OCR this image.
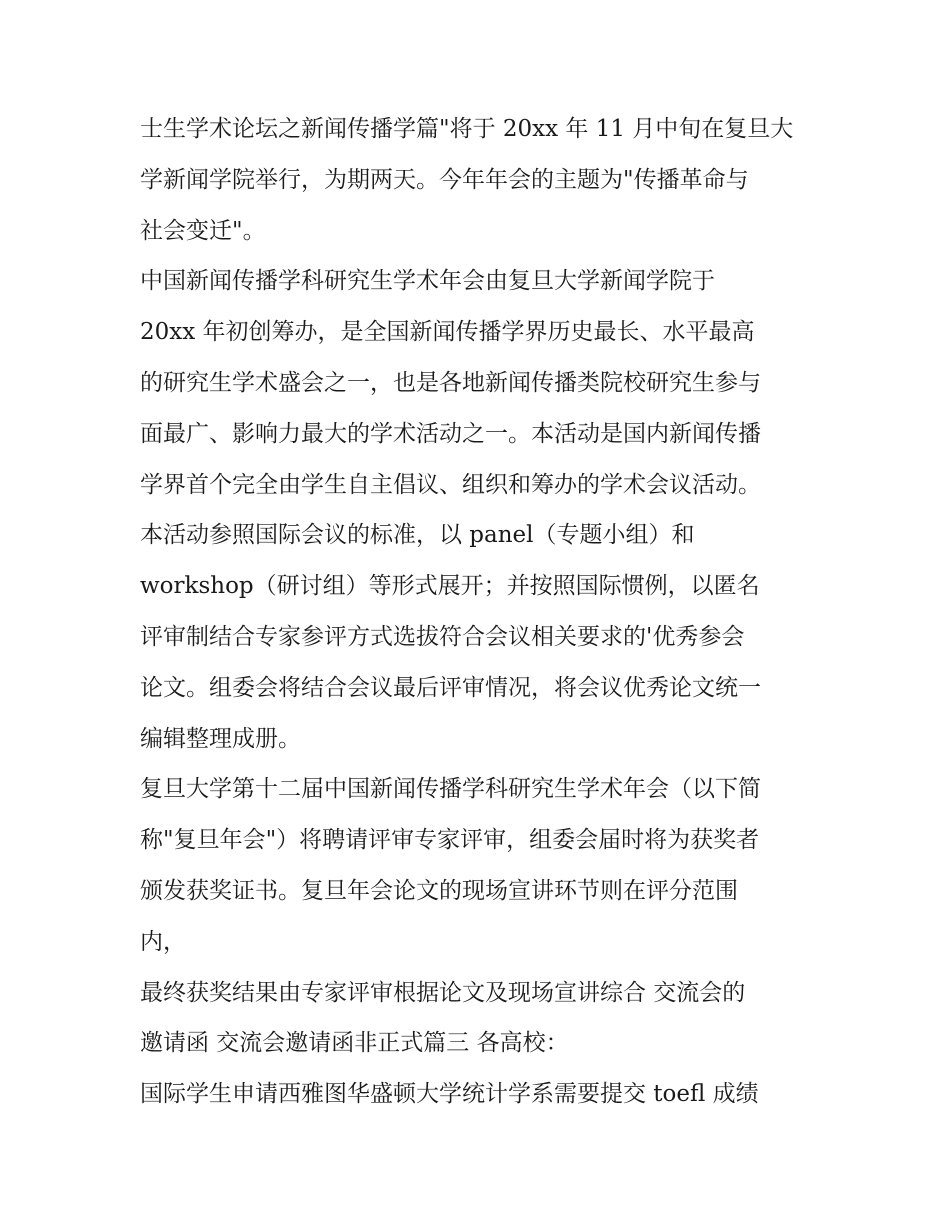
士生学术论坛之新闻传播学篇"将于 20xx 年 11 月中旬在复旦大
学新闻学院举行，为期两天。今年年会的主题为"传播革命与
社会变迁"。
中国新闻传播学科研究生学术年会由复旦大学新闻学院于
20xx 年初创筹办，是全国新闻传播学界历史最长、水平最高
的研究生学术盛会之一，也是各地新闻传播类院校研究生参与
面最广、影响力最大的学术活动之一。本活动是国内新闻传播
学界首个完全由学生自主倡议、组织和筹办的学术会议活动。
本活动参照国际会议的标准，以 panel（专题小组）和
workshop（研讨组）等形式展开；并按照国际惯例，以匿名
评审制结合专家参评方式选拔符合会议相关要求的'优秀参会
论文。组委会将结合会议最后评审情况，将会议优秀论文统一
编辑整理成册。
复旦大学第十二届中国新闻传播学科研究生学术年会（以下简
称"复旦年会"）将聘请评审专家评审，组委会届时将为获奖者
颁发获奖证书。复旦年会论文的现场宣讲环节则在评分范围
内，
最终获奖结果由专家评审根据论文及现场宣讲综合 交流会的
邀请函 交流会邀请函非正式篇三 各高校：
国际学生申请西雅图华盛顿大学统计学系需要提交 toefl 成绩
